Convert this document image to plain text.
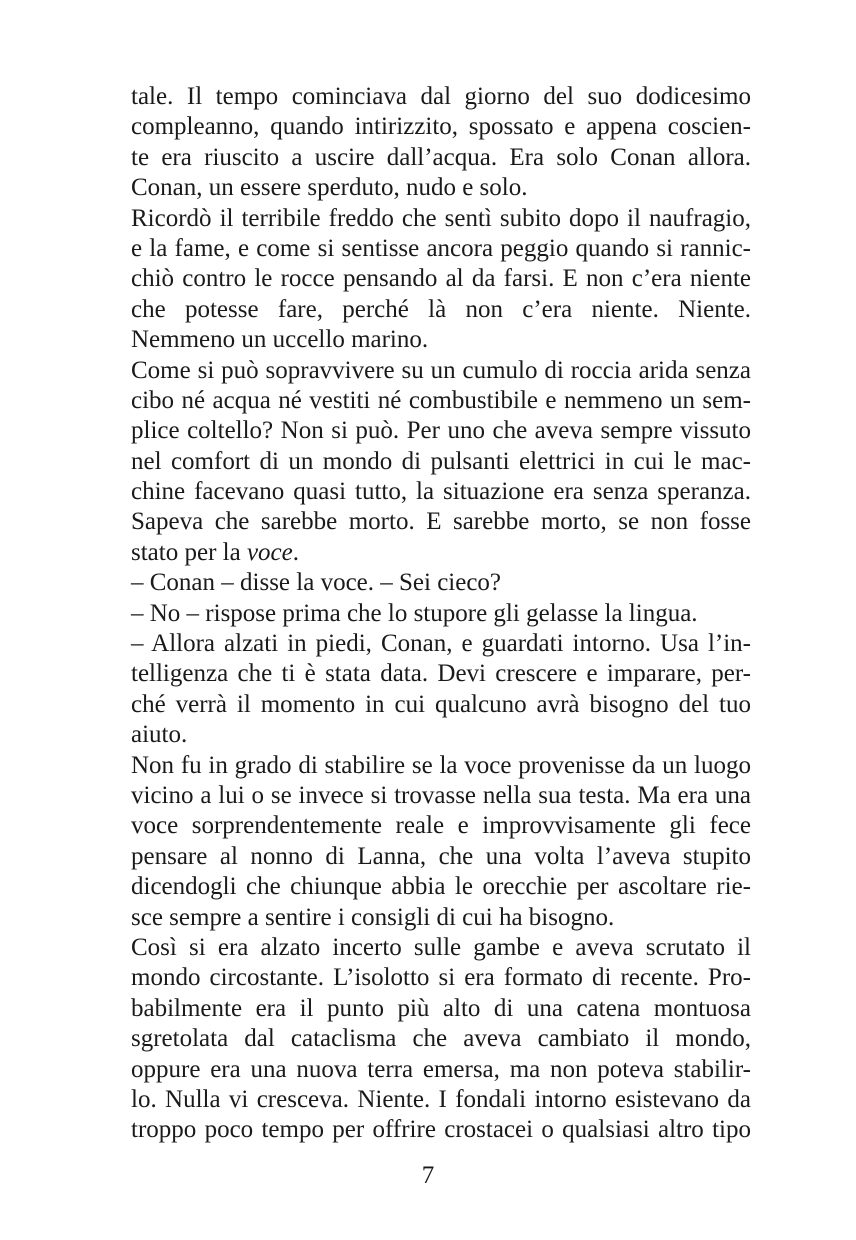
tale. Il tempo cominciava dal giorno del suo dodicesimo
compleanno, quando intirizzito, spossato e appena coscien-
te era riuscito a uscire dall’acqua. Era solo Conan allora.
Conan, un essere sperduto, nudo e solo.
Ricordò il terribile freddo che sentì subito dopo il naufragio,
e la fame, e come si sentisse ancora peggio quando si rannic-
chiò contro le rocce pensando al da farsi. E non c’era niente
che potesse fare, perché là non c’era niente. Niente.
Nemmeno un uccello marino.
Come si può sopravvivere su un cumulo di roccia arida senza
cibo né acqua né vestiti né combustibile e nemmeno un sem-
plice coltello? Non si può. Per uno che aveva sempre vissuto
nel comfort di un mondo di pulsanti elettrici in cui le mac-
chine facevano quasi tutto, la situazione era senza speranza.
Sapeva che sarebbe morto. E sarebbe morto, se non fosse
stato per la voce.
– Conan – disse la voce. – Sei cieco?
– No – rispose prima che lo stupore gli gelasse la lingua.
– Allora alzati in piedi, Conan, e guardati intorno. Usa l’in-
telligenza che ti è stata data. Devi crescere e imparare, per-
ché verrà il momento in cui qualcuno avrà bisogno del tuo
aiuto.
Non fu in grado di stabilire se la voce provenisse da un luogo
vicino a lui o se invece si trovasse nella sua testa. Ma era una
voce sorprendentemente reale e improvvisamente gli fece
pensare al nonno di Lanna, che una volta l’aveva stupito
dicendogli che chiunque abbia le orecchie per ascoltare rie-
sce sempre a sentire i consigli di cui ha bisogno.
Così si era alzato incerto sulle gambe e aveva scrutato il
mondo circostante. L’isolotto si era formato di recente. Pro-
babilmente era il punto più alto di una catena montuosa
sgretolata dal cataclisma che aveva cambiato il mondo,
oppure era una nuova terra emersa, ma non poteva stabilir-
lo. Nulla vi cresceva. Niente. I fondali intorno esistevano da
troppo poco tempo per offrire crostacei o qualsiasi altro tipo
7
